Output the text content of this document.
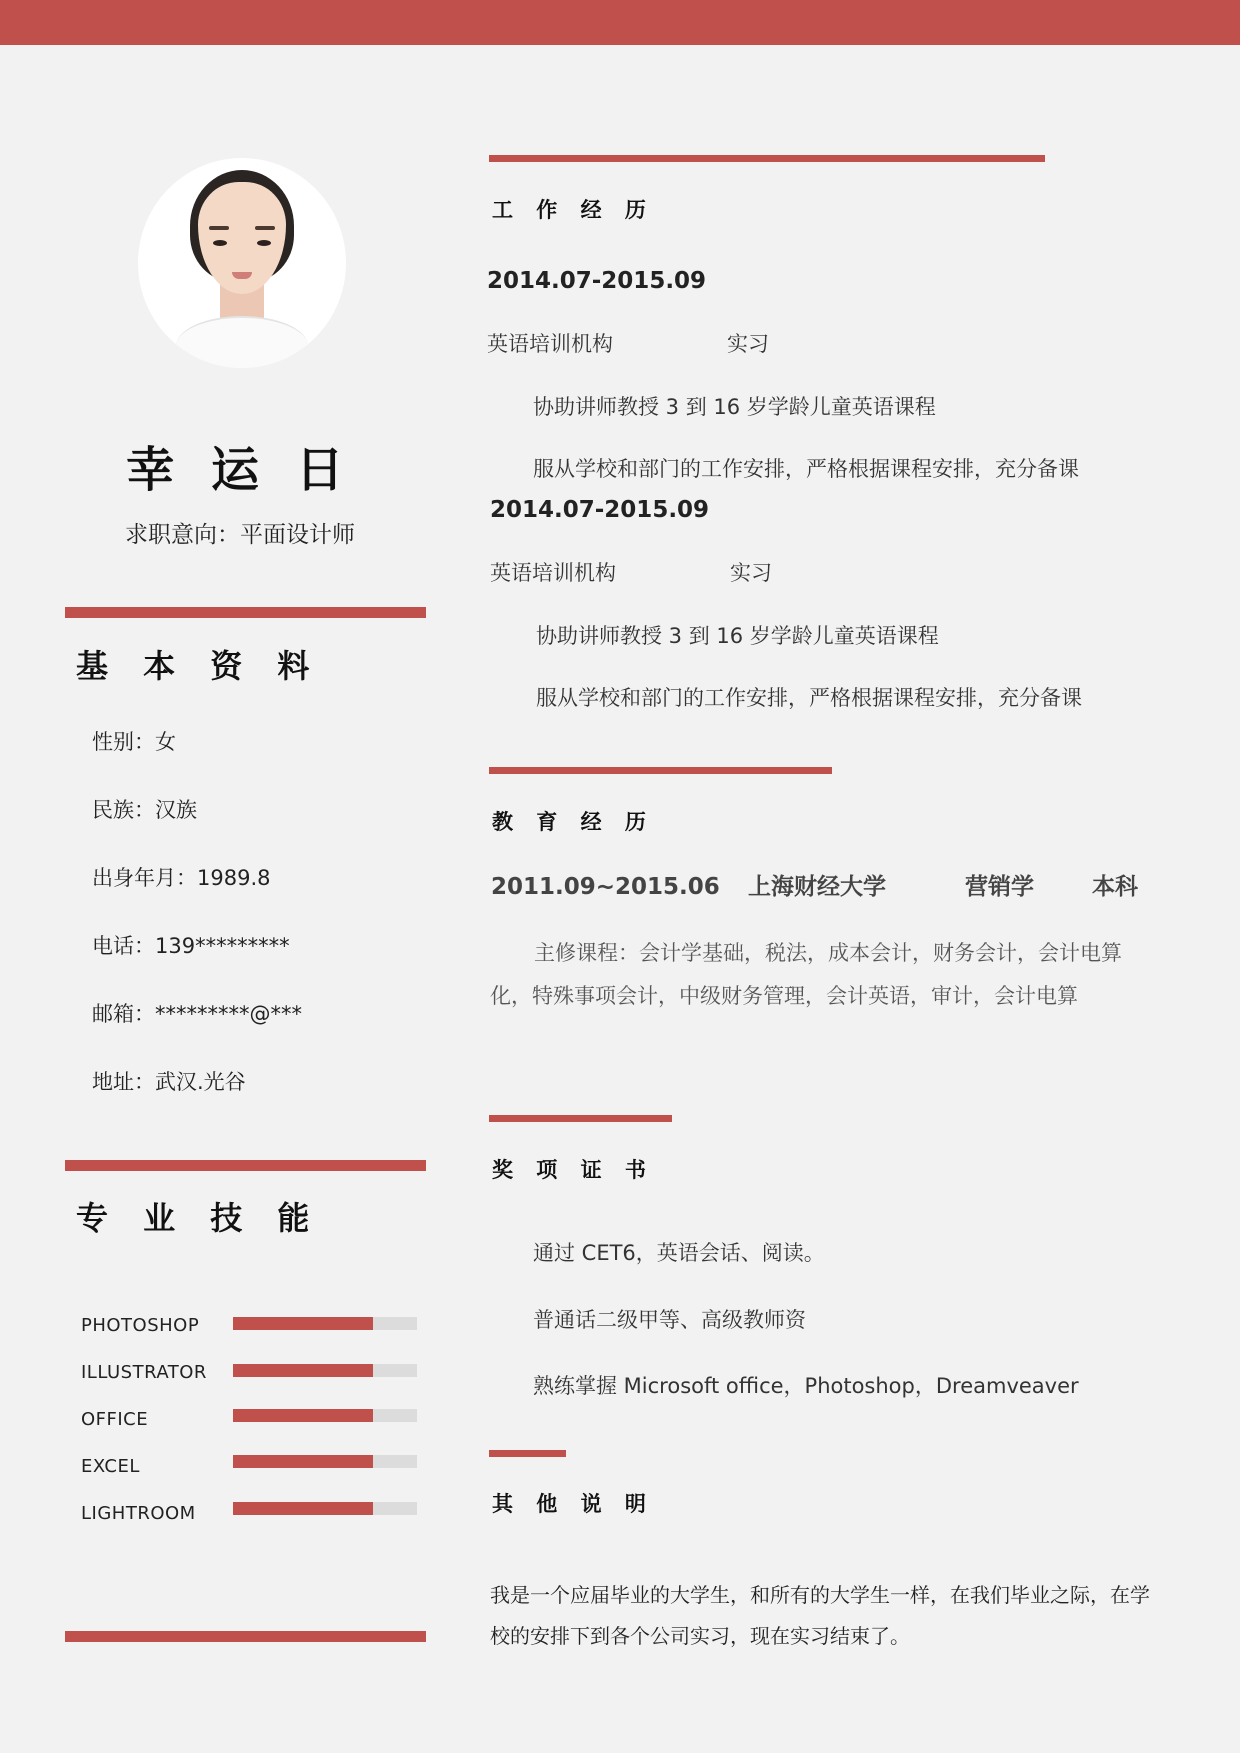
幸 运 日
求职意向：平面设计师
基 本 资 料
性别：女
民族：汉族
出身年月：1989.8
电话：139*********
邮箱：*********@***
地址：武汉.光谷
专 业 技 能
PHOTOSHOP
ILLUSTRATOR
OFFICE
EXCEL
LIGHTROOM
工 作 经 历
2014.07-2015.09
英语培训机构	实习
协助讲师教授 3 到 16 岁学龄儿童英语课程
服从学校和部门的工作安排，严格根据课程安排，充分备课
2014.07-2015.09
英语培训机构	实习
协助讲师教授 3 到 16 岁学龄儿童英语课程
服从学校和部门的工作安排，严格根据课程安排，充分备课
教 育 经 历
2011.09~2015.06 上海财经大学	营销学	本科
主修课程：会计学基础，税法，成本会计，财务会计，会计电算化，特殊事项会计，中级财务管理，会计英语，审计，会计电算
奖 项 证 书
通过 CET6，英语会话、阅读。
普通话二级甲等、高级教师资
熟练掌握 Microsoft office，Photoshop，Dreamveaver
其 他 说 明
我是一个应届毕业的大学生，和所有的大学生一样，在我们毕业之际，在学校的安排下到各个公司实习，现在实习结束了。
